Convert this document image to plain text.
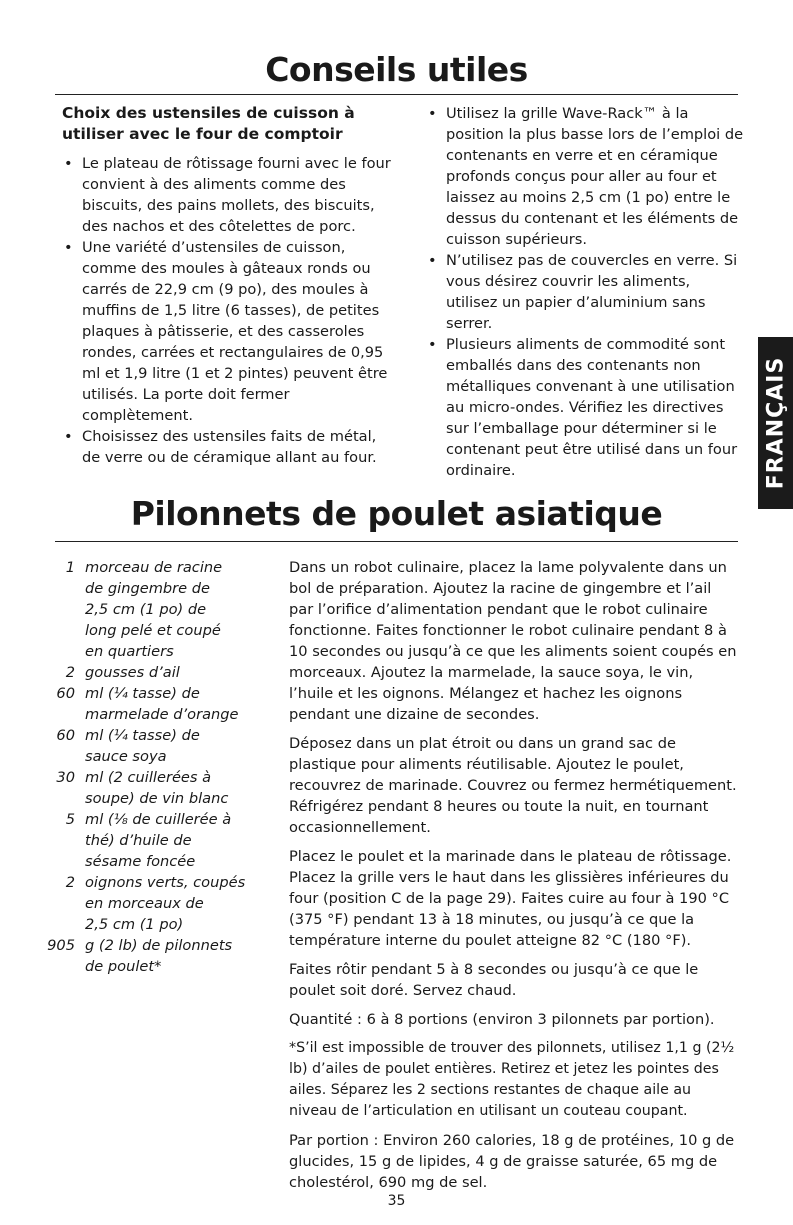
Conseils utiles
Choix des ustensiles de cuisson à utiliser avec le four de comptoir
• Le plateau de rôtissage fourni avec le four convient à des aliments comme des biscuits, des pains mollets, des biscuits, des nachos et des côtelettes de porc.
• Une variété d’ustensiles de cuisson, comme des moules à gâteaux ronds ou carrés de 22,9 cm (9 po), des moules à muffins de 1,5 litre (6 tasses), de petites plaques à pâtisserie, et des casseroles rondes, carrées et rectangulaires de 0,95 ml et 1,9 litre (1 et 2 pintes) peuvent être utilisés. La porte doit fermer complètement.
• Choisissez des ustensiles faits de métal, de verre ou de céramique allant au four.
• Utilisez la grille Wave-Rack™ à la position la plus basse lors de l’emploi de contenants en verre et en céramique profonds conçus pour aller au four et laissez au moins 2,5 cm (1 po) entre le dessus du contenant et les éléments de cuisson supérieurs.
• N’utilisez pas de couvercles en verre. Si vous désirez couvrir les aliments, utilisez un papier d’aluminium sans serrer.
• Plusieurs aliments de commodité sont emballés dans des contenants non métalliques convenant à une utilisation au micro-ondes. Vérifiez les directives sur l’emballage pour déterminer si le contenant peut être utilisé dans un four ordinaire.	FRANÇAIS
Pilonnets de poulet asiatique
1 morceau de racine
de gingembre de
2,5 cm (1 po) de
long pelé et coupé
en quartiers
2 gousses d’ail
60 ml (¼ tasse) de
marmelade d’orange
60 ml (¼ tasse) de
sauce soya
30 ml (2 cuillerées à
soupe) de vin blanc
5 ml (⅛ de cuillerée à
thé) d’huile de
sésame foncée
2 oignons verts, coupés
en morceaux de
2,5 cm (1 po)
905 g (2 lb) de pilonnets
de poulet*

Dans un robot culinaire, placez la lame polyvalente dans un bol de préparation. Ajoutez la racine de gingembre et l’ail par l’orifice d’alimentation pendant que le robot culinaire fonctionne. Faites fonctionner le robot culinaire pendant 8 à 10 secondes ou jusqu’à ce que les aliments soient coupés en morceaux. Ajoutez la marmelade, la sauce soya, le vin, l’huile et les oignons. Mélangez et hachez les oignons pendant une dizaine de secondes.

Déposez dans un plat étroit ou dans un grand sac de plastique pour aliments réutilisable. Ajoutez le poulet, recouvrez de marinade. Couvrez ou fermez hermétiquement. Réfrigérez pendant 8 heures ou toute la nuit, en tournant occasionnellement.

Placez le poulet et la marinade dans le plateau de rôtissage. Placez la grille vers le haut dans les glissières inférieures du four (position C de la page 29). Faites cuire au four à 190 °C (375 °F) pendant 13 à 18 minutes, ou jusqu’à ce que la température interne du poulet atteigne 82 °C (180 °F).

Faites rôtir pendant 5 à 8 secondes ou jusqu’à ce que le poulet soit doré. Servez chaud.

Quantité : 6 à 8 portions (environ 3 pilonnets par portion).

*S’il est impossible de trouver des pilonnets, utilisez 1,1 g (2½ lb) d’ailes de poulet entières. Retirez et jetez les pointes des ailes. Séparez les 2 sections restantes de chaque aile au niveau de l’articulation en utilisant un couteau coupant.

Par portion : Environ 260 calories, 18 g de protéines, 10 g de glucides, 15 g de lipides, 4 g de graisse saturée, 65 mg de cholestérol, 690 mg de sel.

35
